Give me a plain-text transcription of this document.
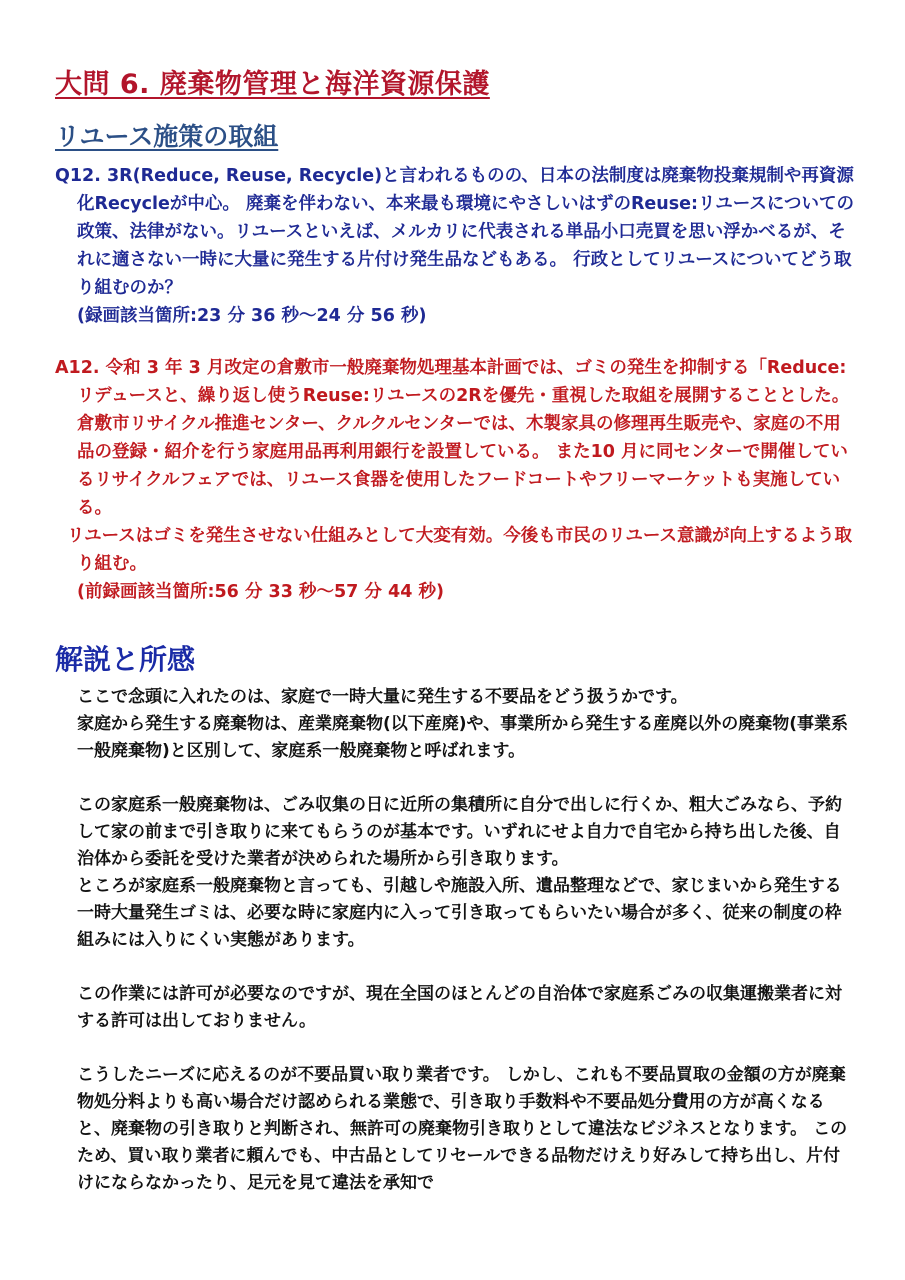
大問 6. 廃棄物管理と海洋資源保護
リユース施策の取組

Q12. 3R(Reduce, Reuse, Recycle)と言われるものの、日本の法制度は廃棄物投棄規制や再資源化Recycleが中心。 廃棄を伴わない、本来最も環境にやさしいはずのReuse:リユースについての政策、法律がない。リユースといえば、メルカリに代表される単品小口売買を思い浮かべるが、それに適さない一時に大量に発生する片付け発生品などもある。 行政としてリユースについてどう取り組むのか？

(録画該当箇所:23 分 36 秒～24 分 56 秒)

A12. 令和 3 年 3 月改定の倉敷市一般廃棄物処理基本計画では、ゴミの発生を抑制する「Reduce:リデュースと、繰り返し使うReuse:リユースの2Rを優先・重視した取組を展開することとした。倉敷市リサイクル推進センター、クルクルセンターでは、木製家具の修理再生販売や、家庭の不用品の登録・紹介を行う家庭用品再利用銀行を設置している。 また10 月に同センターで開催しているリサイクルフェアでは、リユース食器を使用したフードコートやフリーマーケットも実施している。

リユースはゴミを発生させない仕組みとして大変有効。今後も市民のリユース意識が向上するよう取り組む。

(前録画該当箇所:56 分 33 秒～57 分 44 秒)

解説と所感

ここで念頭に入れたのは、家庭で一時大量に発生する不要品をどう扱うかです。

家庭から発生する廃棄物は、産業廃棄物(以下産廃)や、事業所から発生する産廃以外の廃棄物(事業系一般廃棄物)と区別して、家庭系一般廃棄物と呼ばれます。

この家庭系一般廃棄物は、ごみ収集の日に近所の集積所に自分で出しに行くか、粗大ごみなら、予約して家の前まで引き取りに来てもらうのが基本です。いずれにせよ自力で自宅から持ち出した後、自治体から委託を受けた業者が決められた場所から引き取ります。

ところが家庭系一般廃棄物と言っても、引越しや施設入所、遺品整理などで、家じまいから発生する一時大量発生ゴミは、必要な時に家庭内に入って引き取ってもらいたい場合が多く、従来の制度の枠組みには入りにくい実態があります。

この作業には許可が必要なのですが、現在全国のほとんどの自治体で家庭系ごみの収集運搬業者に対する許可は出しておりません。

こうしたニーズに応えるのが不要品買い取り業者です。 しかし、これも不要品買取の金額の方が廃棄物処分料よりも高い場合だけ認められる業態で、引き取り手数料や不要品処分費用の方が高くなると、廃棄物の引き取りと判断され、無許可の廃棄物引き取りとして違法なビジネスとなります。 このため、買い取り業者に頼んでも、中古品としてリセールできる品物だけえり好みして持ち出し、片付けにならなかったり、足元を見て違法を承知で
